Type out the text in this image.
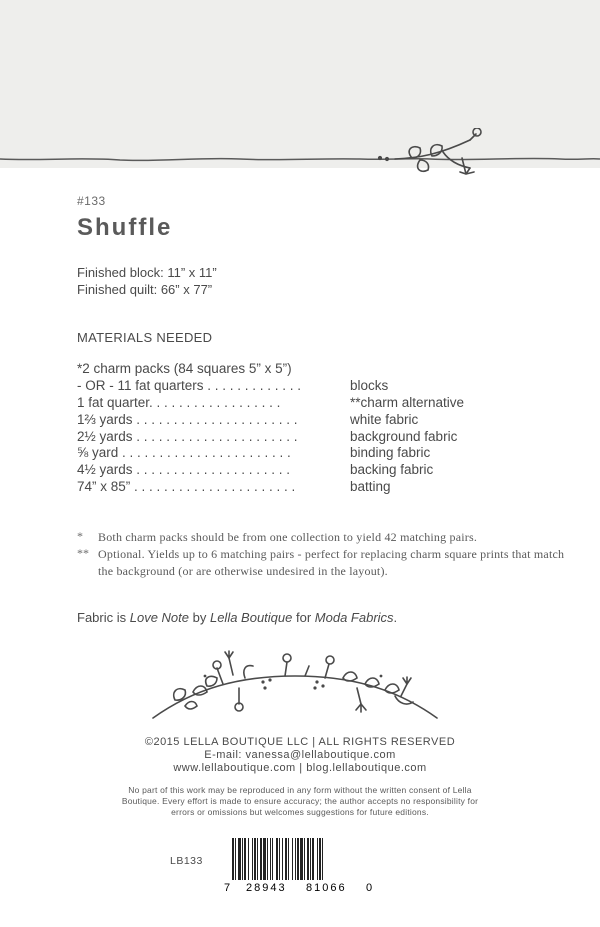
#133

Shuffle

Finished block: 11” x 11”

Finished quilt: 66” x 77”

MATERIALS NEEDED

*2 charm packs (84 squares 5” x 5”)

- OR - 11 fat quarters . . . . . . . . . . . . .	blocks

1 fat quarter. . . . . . . . . . . . . . . . . .	**charm alternative

1⅔ yards . . . . . . . . . . . . . . . . . . . . . .	white fabric

2½ yards . . . . . . . . . . . . . . . . . . . . . .	background fabric

⅝ yard . . . . . . . . . . . . . . . . . . . . . . .	binding fabric

4½ yards . . . . . . . . . . . . . . . . . . . . .	backing fabric

74” x 85” . . . . . . . . . . . . . . . . . . . . . .	batting

* Both charm packs should be from one collection to yield 42 matching pairs.

** Optional. Yields up to 6 matching pairs - perfect for replacing charm square prints that match the background (or are otherwise undesired in the layout).

Fabric is Love Note by Lella Boutique for Moda Fabrics.

©2015 LELLA BOUTIQUE LLC | ALL RIGHTS RESERVED

E-mail: vanessa@lellaboutique.com

www.lellaboutique.com | blog.lellaboutique.com

No part of this work may be reproduced in any form without the written consent of Lella Boutique. Every effort is made to ensure accuracy; the author accepts no responsibility for errors or omissions but welcomes suggestions for future editions.

LB133

7 28943 81066 0
